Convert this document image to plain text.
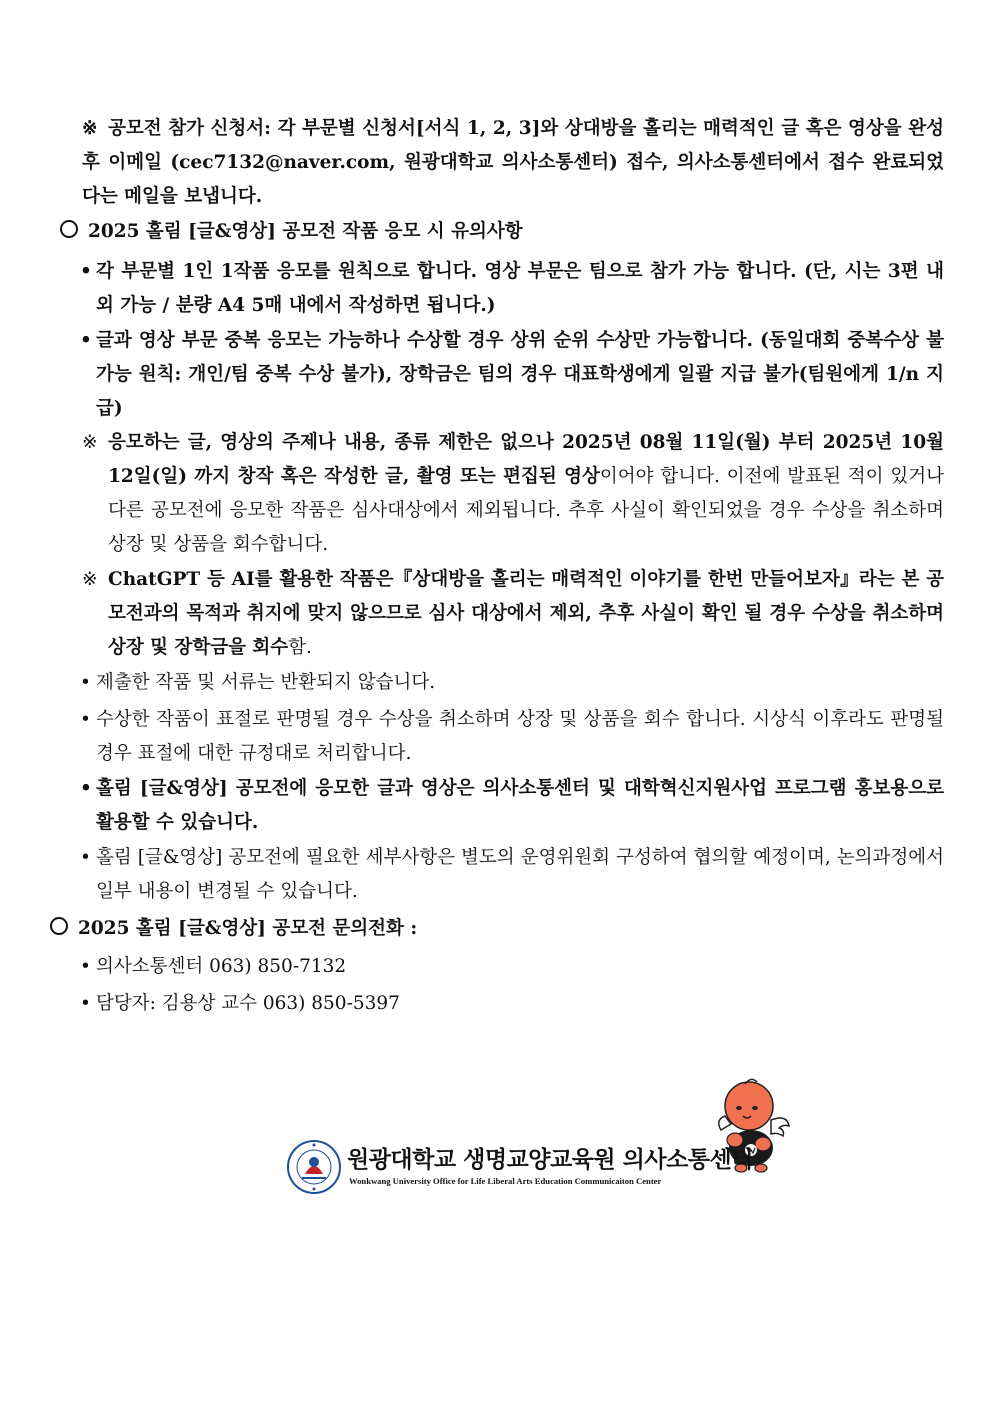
※ 공모전 참가 신청서: 각 부문별 신청서[서식 1, 2, 3]와 상대방을 홀리는 매력적인 글 혹은 영상을 완성 후 이메일 (cec7132@naver.com, 원광대학교 의사소통센터) 접수, 의사소통센터에서 접수 완료되었다는 메일을 보냅니다.
2025 홀림 [글&영상] 공모전 작품 응모 시 유의사항
• 각 부문별 1인 1작품 응모를 원칙으로 합니다. 영상 부문은 팀으로 참가 가능 합니다. (단, 시는 3편 내외 가능 / 분량 A4 5매 내에서 작성하면 됩니다.)
• 글과 영상 부문 중복 응모는 가능하나 수상할 경우 상위 순위 수상만 가능합니다. (동일대회 중복수상 불가능 원칙: 개인/팀 중복 수상 불가), 장학금은 팀의 경우 대표학생에게 일괄 지급 불가(팀원에게 1/n 지급)
※ 응모하는 글, 영상의 주제나 내용, 종류 제한은 없으나 2025년 08월 11일(월) 부터 2025년 10월 12일(일) 까지 창작 혹은 작성한 글, 촬영 또는 편집된 영상이어야 합니다. 이전에 발표된 적이 있거나 다른 공모전에 응모한 작품은 심사대상에서 제외됩니다. 추후 사실이 확인되었을 경우 수상을 취소하며 상장 및 상품을 회수합니다.
※ ChatGPT 등 AI를 활용한 작품은『상대방을 홀리는 매력적인 이야기를 한번 만들어보자』라는 본 공모전과의 목적과 취지에 맞지 않으므로 심사 대상에서 제외, 추후 사실이 확인 될 경우 수상을 취소하며 상장 및 장학금을 회수함.
• 제출한 작품 및 서류는 반환되지 않습니다.
• 수상한 작품이 표절로 판명될 경우 수상을 취소하며 상장 및 상품을 회수 합니다. 시상식 이후라도 판명될 경우 표절에 대한 규정대로 처리합니다.
• 홀림 [글&영상] 공모전에 응모한 글과 영상은 의사소통센터 및 대학혁신지원사업 프로그램 홍보용으로 활용할 수 있습니다.
• 홀림 [글&영상] 공모전에 필요한 세부사항은 별도의 운영위원회 구성하여 협의할 예정이며, 논의과정에서 일부 내용이 변경될 수 있습니다.
2025 홀림 [글&영상] 공모전 문의전화 :
• 의사소통센터 063) 850-7132
• 담당자: 김용상 교수 063) 850-5397
원광대학교 생명교양교육원 의사소통센터
Wonkwang University Office for Life Liberal Arts Education Communicaiton Center
